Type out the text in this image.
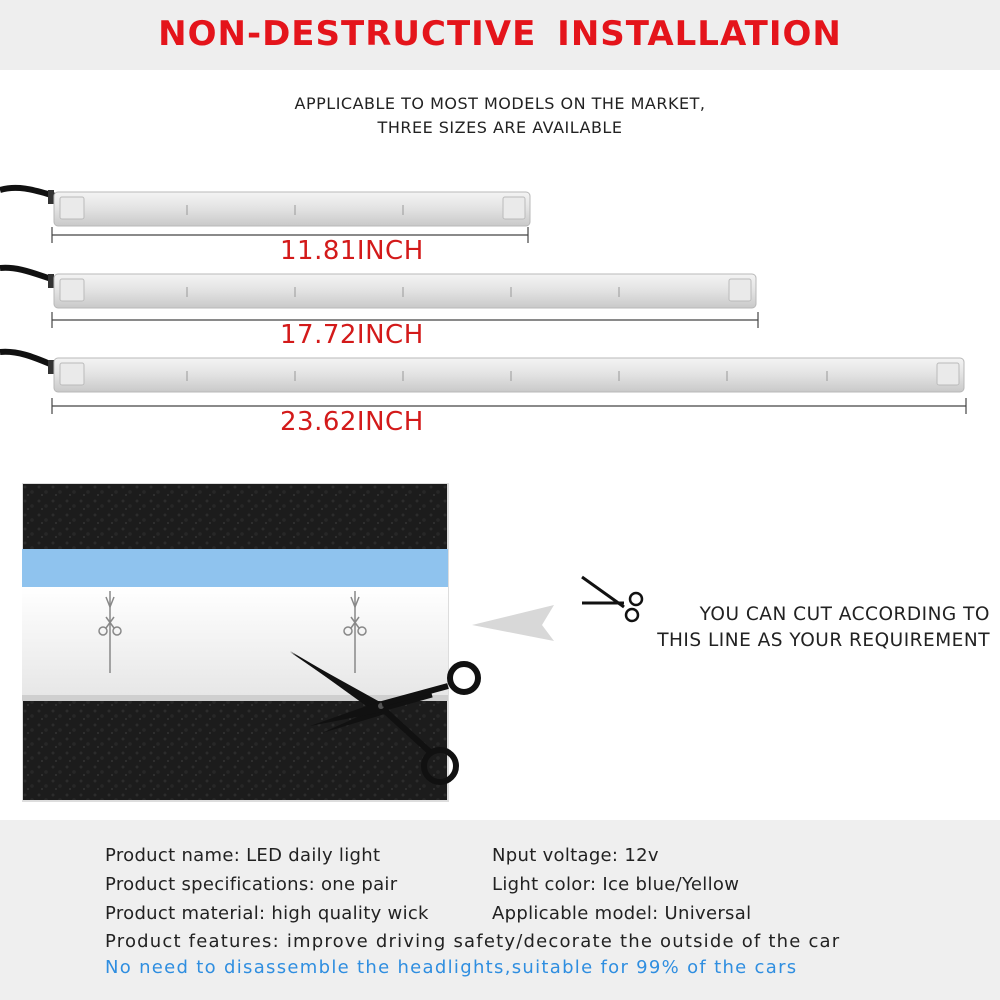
NON-DESTRUCTIVE INSTALLATION
APPLICABLE TO MOST MODELS ON THE MARKET,
THREE SIZES ARE AVAILABLE
11.81INCH
17.72INCH
23.62INCH
YOU CAN CUT ACCORDING TO
THIS LINE AS YOUR REQUIREMENT
Product name: LED daily light	Nput voltage: 12v
Product specifications: one pair	Light color: Ice blue/Yellow
Product material: high quality wick	Applicable model: Universal
Product features: improve driving safety/decorate the outside of the car
No need to disassemble the headlights,suitable for 99% of the cars
